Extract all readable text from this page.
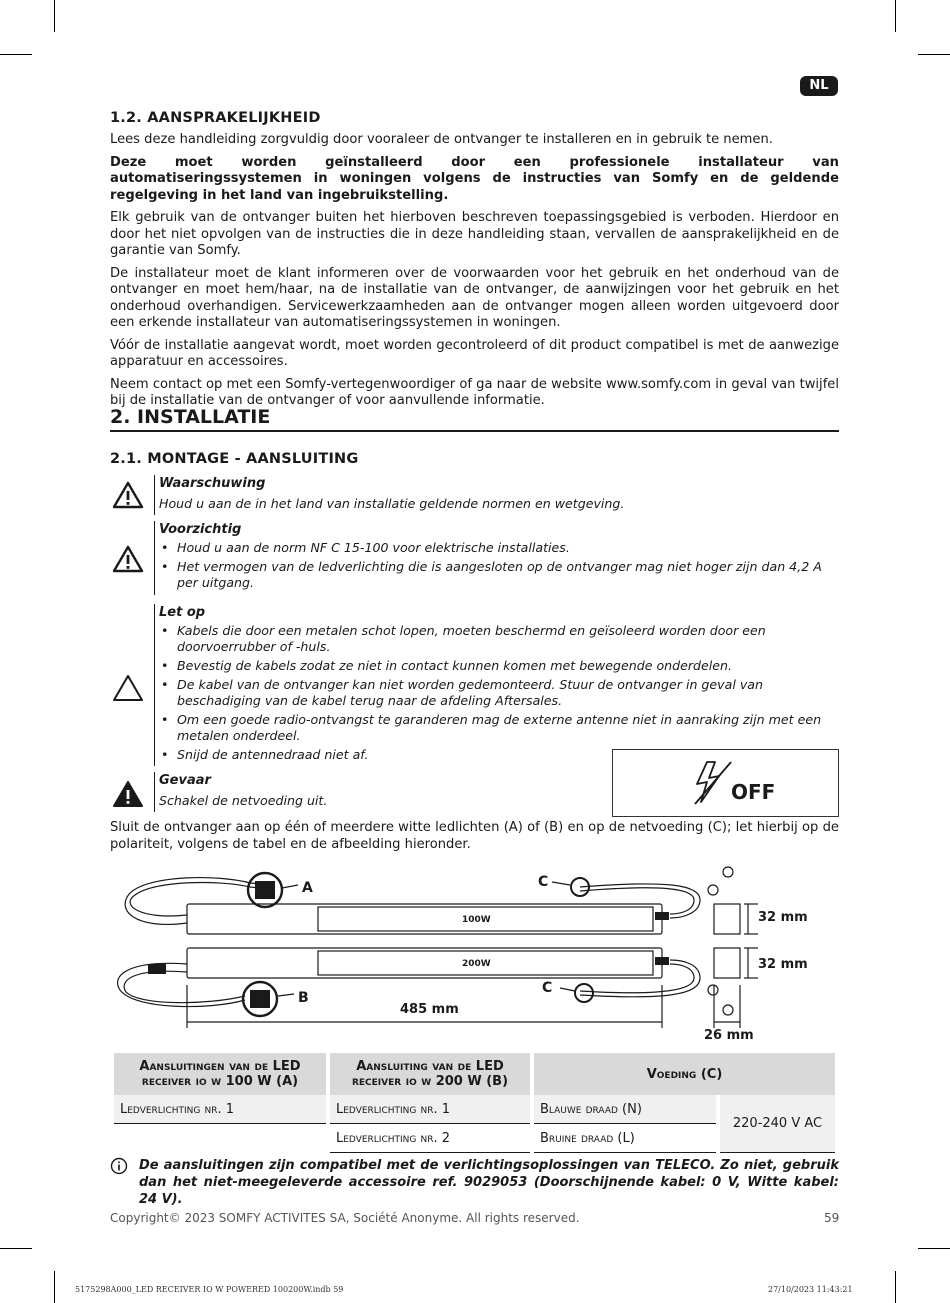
NL
1.2. AANSPRAKELIJKHEID

Lees deze handleiding zorgvuldig door vooraleer de ontvanger te installeren en in gebruik te nemen.

Deze moet worden geïnstalleerd door een professionele installateur van automatiseringssystemen in woningen volgens de instructies van Somfy en de geldende regelgeving in het land van ingebruikstelling.

Elk gebruik van de ontvanger buiten het hierboven beschreven toepassingsgebied is verboden. Hierdoor en door het niet opvolgen van de instructies die in deze handleiding staan, vervallen de aansprakelijkheid en de garantie van Somfy.

De installateur moet de klant informeren over de voorwaarden voor het gebruik en het onderhoud van de ontvanger en moet hem/haar, na de installatie van de ontvanger, de aanwijzingen voor het gebruik en het onderhoud overhandigen. Servicewerkzaamheden aan de ontvanger mogen alleen worden uitgevoerd door een erkende installateur van automatiseringssystemen in woningen.

Vóór de installatie aangevat wordt, moet worden gecontroleerd of dit product compatibel is met de aanwezige apparatuur en accessoires.

Neem contact op met een Somfy-vertegenwoordiger of ga naar de website www.somfy.com in geval van twijfel bij de installatie van de ontvanger of voor aanvullende informatie.

2. INSTALLATIE
2.1. MONTAGE - AANSLUITING
Waarschuwing
Houd u aan de in het land van installatie geldende normen en wetgeving.
Voorzichtig
• Houd u aan de norm NF C 15-100 voor elektrische installaties.
• Het vermogen van de ledverlichting die is aangesloten op de ontvanger mag niet hoger zijn dan 4,2 A per uitgang.
Let op
• Kabels die door een metalen schot lopen, moeten beschermd en geïsoleerd worden door een doorvoerrubber of -huls.
• Bevestig de kabels zodat ze niet in contact kunnen komen met bewegende onderdelen.
• De kabel van de ontvanger kan niet worden gedemonteerd. Stuur de ontvanger in geval van beschadiging van de kabel terug naar de afdeling Aftersales.
• Om een goede radio-ontvangst te garanderen mag de externe antenne niet in aanraking zijn met een metalen onderdeel.
• Snijd de antennedraad niet af.
Gevaar
Schakel de netvoeding uit.	OFF

Sluit de ontvanger aan op één of meerdere witte ledlichten (A) of (B) en op de netvoeding (C); let hierbij op de polariteit, volgens de tabel en de afbeelding hieronder.

A
B
C
C
100W
200W
485 mm
32 mm
32 mm
26 mm
Aansluitingen van de LED receiver io w 100 W (A)	Aansluiting van de LED receiver io w 200 W (B)	Voeding (C)	
Ledverlichting nr. 1	Ledverlichting nr. 1	Blauwe draad (N)	220-240 V AC
	Ledverlichting nr. 2	Bruine draad (L)	
De aansluitingen zijn compatibel met de verlichtingsoplossingen van TELECO. Zo niet, gebruik dan het niet-meegeleverde accessoire ref. 9029053 (Doorschijnende kabel: 0 V, Witte kabel: 24 V).
Copyright© 2023 SOMFY ACTIVITES SA, Société Anonyme. All rights reserved.	59
5175298A000_LED RECEIVER IO W POWERED 100200W.indb 59	27/10/2023 11:43:21
